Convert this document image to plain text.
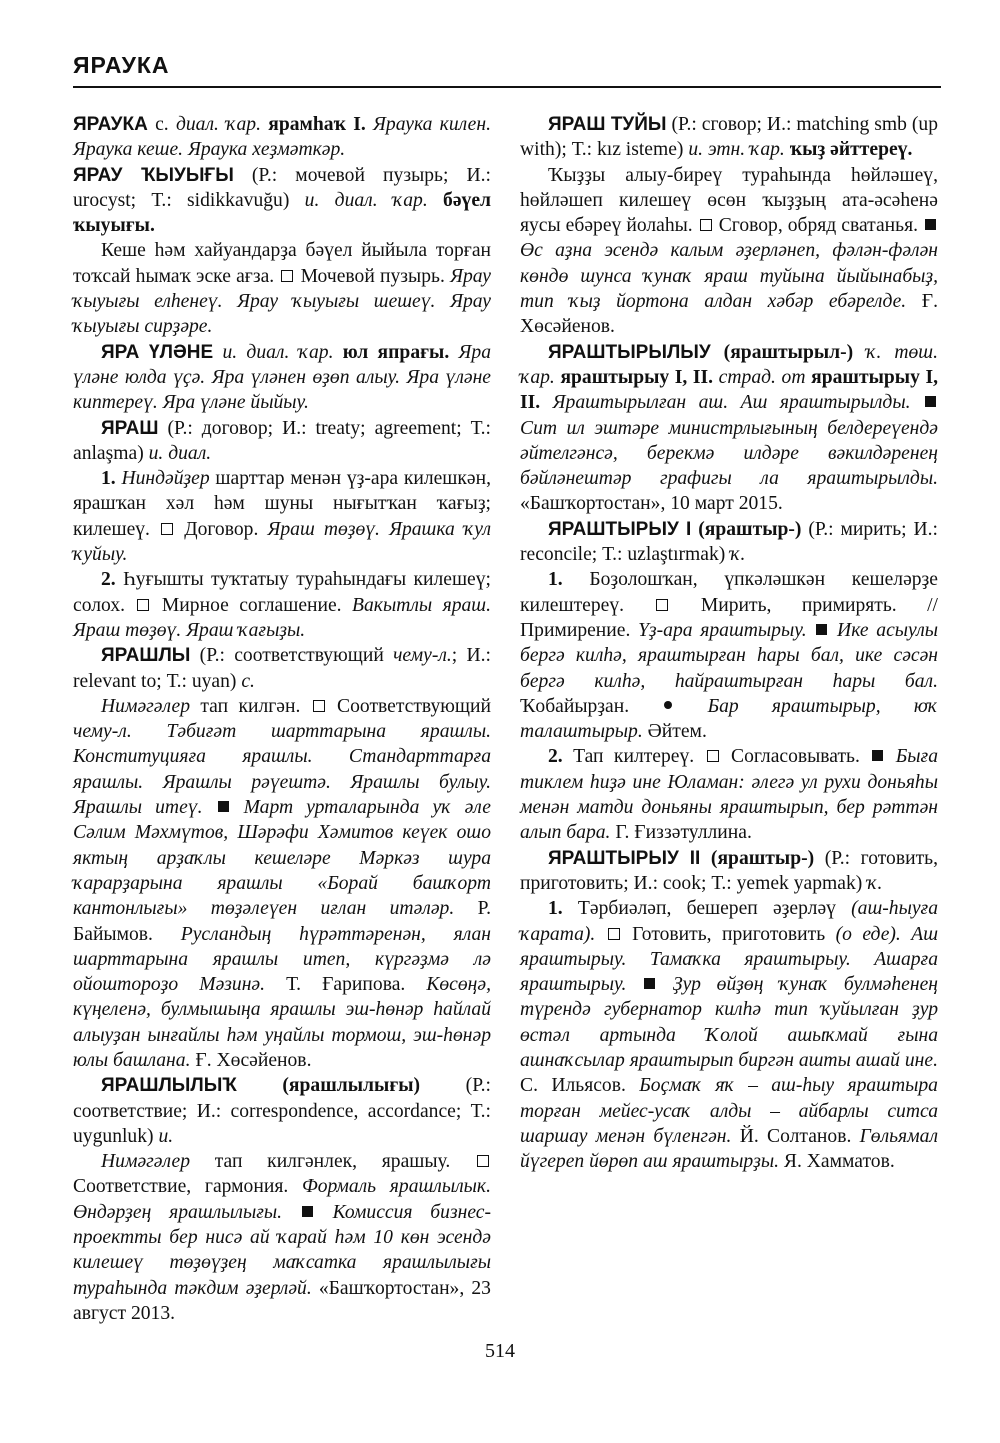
ЯРАУКА

ЯРАУКА с. диал. ҡар. ярамһаҡ I. Яраука килен. Яраука кеше. Яраука хеҙмәткәр.

ЯРАУ ҠЫУЫҒЫ (Р.: мочевой пузырь; И.: urocyst; Т.: sidikkavuğu) и. диал. ҡар. бәүел ҡыуығы.

Кеше һәм хайуандарҙа бәүел йыйыла торған тоҡсай һымаҡ эске ағза.  Мочевой пузырь. Ярау ҡыуығы елһенеү. Ярау ҡыуығы шешеү. Ярау ҡыуығы сирҙәре.

ЯРА ҮЛӘНЕ и. диал. ҡар. юл япрағы. Яра үләне юлда үҫә. Яра үләнен өҙөп алыу. Яра үләне киптереү. Яра үләне йыйыу.

ЯРАШ (Р.: договор; И.: treaty; agreement; Т.: anlaşma) и. диал.

1. Ниндәйҙер шарттар менән үҙ-ара килешкән, ярашҡан хәл һәм шуны нығытҡан ҡағыҙ; килешеү.  Договор. Яраш төҙөү. Ярашка ҡул ҡуйыу.

2. Һуғышты туҡтатыу тураһындағы килешеү; солох.  Мирное соглашение. Вакытлы яраш. Яраш төҙөү. Яраш ҡағыҙы.

ЯРАШЛЫ (Р.: соответствующий чему-л.; И.: relevant to; Т.: uyan) с.

Нимәгәлер тап килгән.  Соответствующий чему-л. Тәбиғәт шарттарына ярашлы. Конституцияға ярашлы. Стандарттарға ярашлы. Ярашлы рәүештә. Ярашлы булыу. Ярашлы итеү. Март урталарында уҡ әле Сәлим Мәхмүтов, Шәрәфи Хәмитов кеүек ошо яктың арҙаҡлы кешеләре Мәркәз шура ҡарарҙарына ярашлы «Борай башҡорт кантонлығы» төҙәлеүен иғлан итәләр. Р. Байымов. Русландың һүрәттәренән, ялан шарттарына ярашлы итеп, күргәҙмә лә ойоштороҙо Мәзинә. Т. Ғарипова. Көсөңә, күңеленә, булмышыңа ярашлы эш-һөнәр һайлай алыуҙан ынғайлы һәм уңайлы тормош, эш-һөнәр юлы башлана. Ғ. Хөсәйенов.

ЯРАШЛЫЛЫҠ (ярашлылығы) (Р.: соответствие; И.: correspondence, accordance; Т.: uygunluk) и.

Нимәгәлер тап килгәнлек, ярашыу.  Соответствие, гармония. Формаль ярашлылык. Өндәрҙең ярашлылығы.	Комиссия бизнес-проектты бер нисә ай ҡарай һәм 10 көн эсендә килешеү төҙөүҙең маҡсатка ярашлылығы тураһында тәкдим әҙерләй. «Башҡортостан», 23 август 2013.

ЯРАШ ТУЙЫ (Р.: сговор; И.: matching smb (up with); Т.: kız isteme) и. этн. ҡар. ҡыҙ әйттереү.

Ҡыҙҙы алыу-биреү тураһында һөйләшеү, һөйләшеп килешеү өсөн ҡыҙҙың ата-әсәһенә яусы ебәреү йолаһы.  Сговор, обряд сватанья.  Өс аҙна эсендә калым әҙерләнеп, фәлән-фәлән көндө шунса ҡунаҡ яраш туйына йыйынабыҙ, тип ҡыҙ йортона алдан хәбәр ебәрелде. Ғ. Хөсәйенов.

ЯРАШТЫРЫЛЫУ (яраштырыл-) ҡ. төш. ҡар. яраштырыу I, II. страд. от яраштырыу I, II. Яраштырылған аш. Аш яраштырылды.  Сит ил эштәре министрлығының белдереүендә әйтелгәнсә, берекмә илдәре вәкилдәренең бәйләнештәр графигы ла яраштырылды. «Башҡортостан», 10 март 2015.

ЯРАШТЫРЫУ I (яраштыр-) (Р.: мирить; И.: reconcile; Т.: uzlaştırmak) ҡ.

1. Боҙолошҡан, үпкәләшкән кешеләрҙе килештереү.  Мирить, примирять. // Примирение. Үҙ-ара яраштырыу. Ике асыулы бергә килһә, яраштырған һары бал, ике сәсән бергә килһә, һайраштырған һары бал. Ҡобайырҙан.  Бар яраштырыр, юҡ талаштырыр. Әйтем.

2. Тап килтереү.  Согласовывать.  Быға тиклем һиҙә ине Юламан: әлегә ул рухи доньяһы менән матди доньяны яраштырып, бер рәттән алып бара. Г. Ғиззәтуллина.

ЯРАШТЫРЫУ II (яраштыр-) (Р.: готовить, приготовить; И.: cook; Т.: yemek yapmak) ҡ.

1. Тәрбиәләп, бешереп әҙерләү (аш-һыуға ҡарата).  Готовить, приготовить (о еде). Аш яраштырыу. Тамаҡка яраштырыу. Ашарға яраштырыу. Ҙур өйҙөң ҡунаҡ булмәһенең түрендә губернатор килһә тип ҡуйылған ҙур өстәл артында Ҡолой ашыҡмай ғына ашнаҡсылар яраштырып биргән ашты ашай ине. С. Ильясов. Боҫмаҡ яҡ – аш-һыу яраштыра торған мейес-усаҡ алды – айбарлы ситса шаршау менән бүленгән. Й. Солтанов. Гөльямал йүгереп йөрөп аш яраштырҙы. Я. Хамматов.

514
